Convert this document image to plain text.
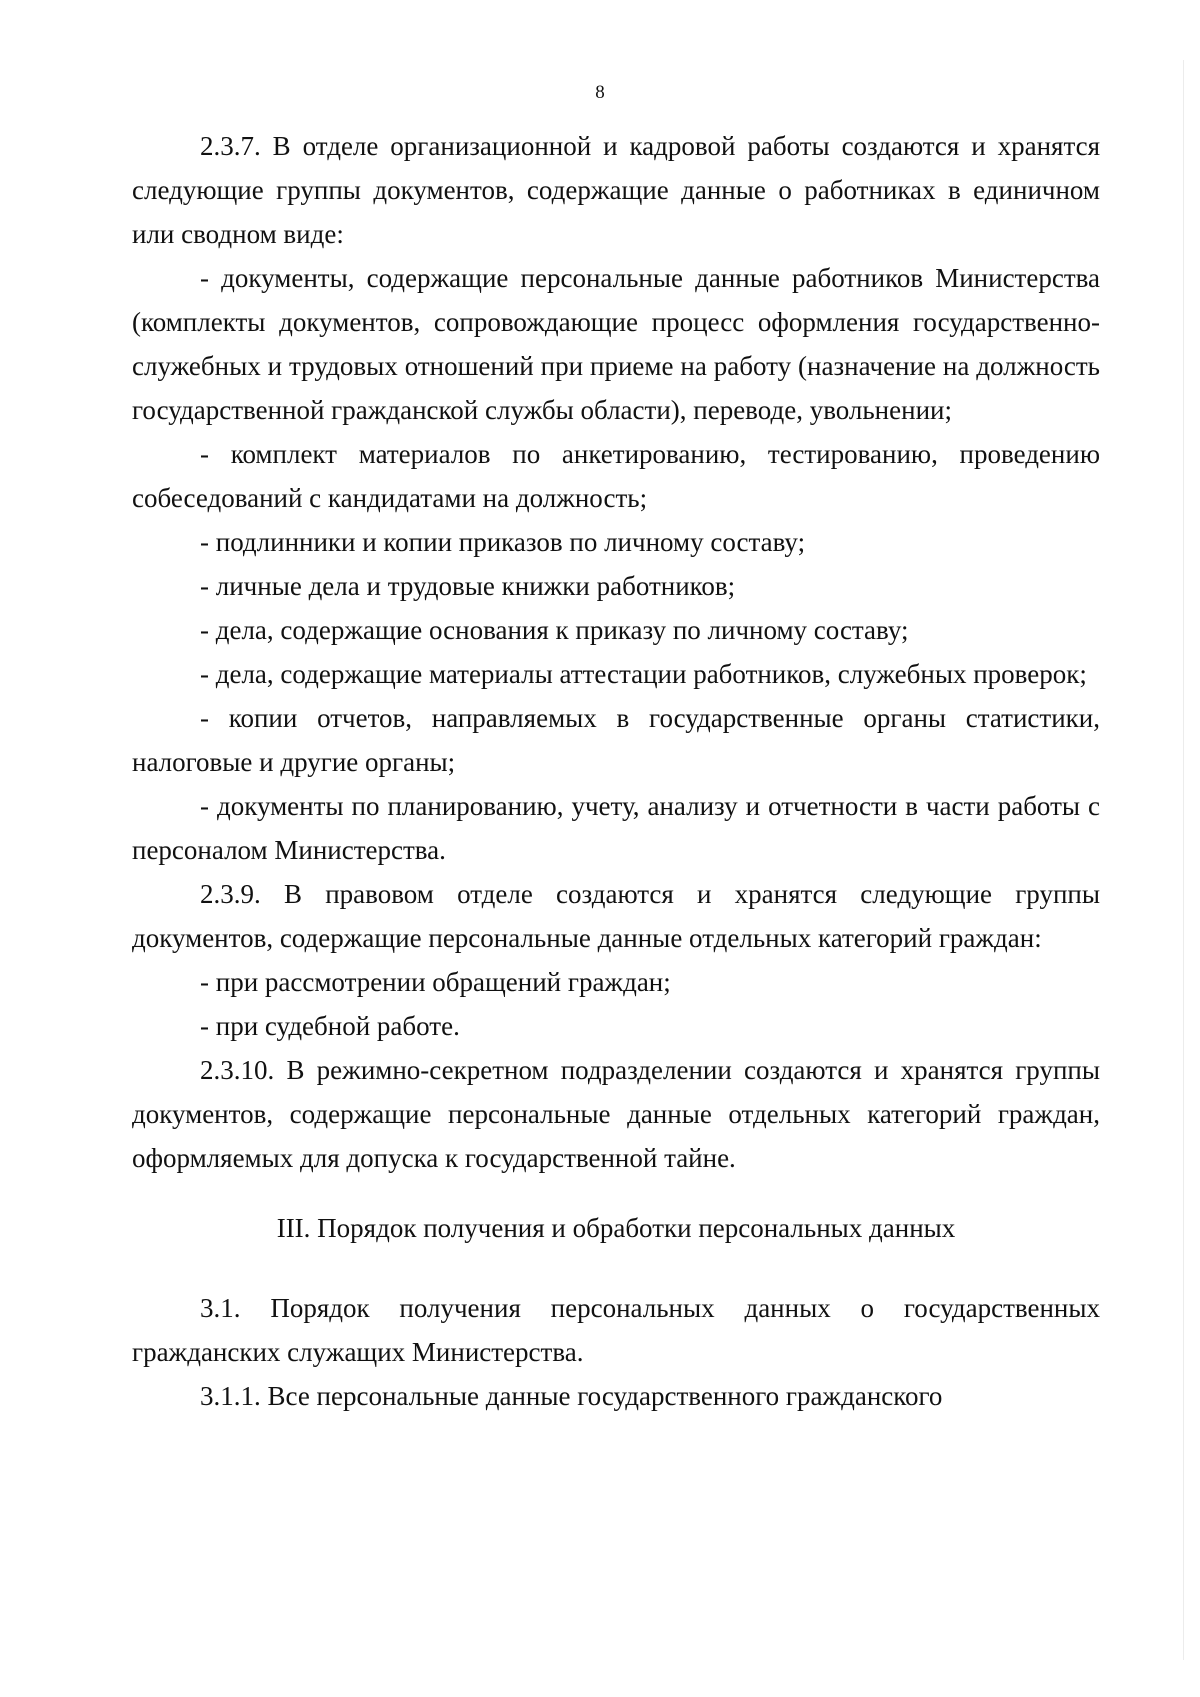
8

2.3.7. В отделе организационной и кадровой работы создаются и хранятся следующие группы документов, содержащие данные о работниках в единичном или сводном виде:

- документы, содержащие персональные данные работников Министерства (комплекты документов, сопровождающие процесс оформления государственно-служебных и трудовых отношений при приеме на работу (назначение на должность государственной гражданской службы области), переводе, увольнении;

- комплект материалов по анкетированию, тестированию, проведению собеседований с кандидатами на должность;

- подлинники и копии приказов по личному составу;

- личные дела и трудовые книжки работников;

- дела, содержащие основания к приказу по личному составу;

- дела, содержащие материалы аттестации работников, служебных проверок;

- копии отчетов, направляемых в государственные органы статистики, налоговые и другие органы;

- документы по планированию, учету, анализу и отчетности в части работы с персоналом Министерства.

2.3.9. В правовом отделе создаются и хранятся следующие группы документов, содержащие персональные данные отдельных категорий граждан:

- при рассмотрении обращений граждан;

- при судебной работе.

2.3.10. В режимно-секретном подразделении создаются и хранятся группы документов, содержащие персональные данные отдельных категорий граждан, оформляемых для допуска к государственной тайне.

III. Порядок получения и обработки персональных данных

3.1. Порядок получения персональных данных о государственных гражданских служащих Министерства.

3.1.1. Все персональные данные государственного гражданского
